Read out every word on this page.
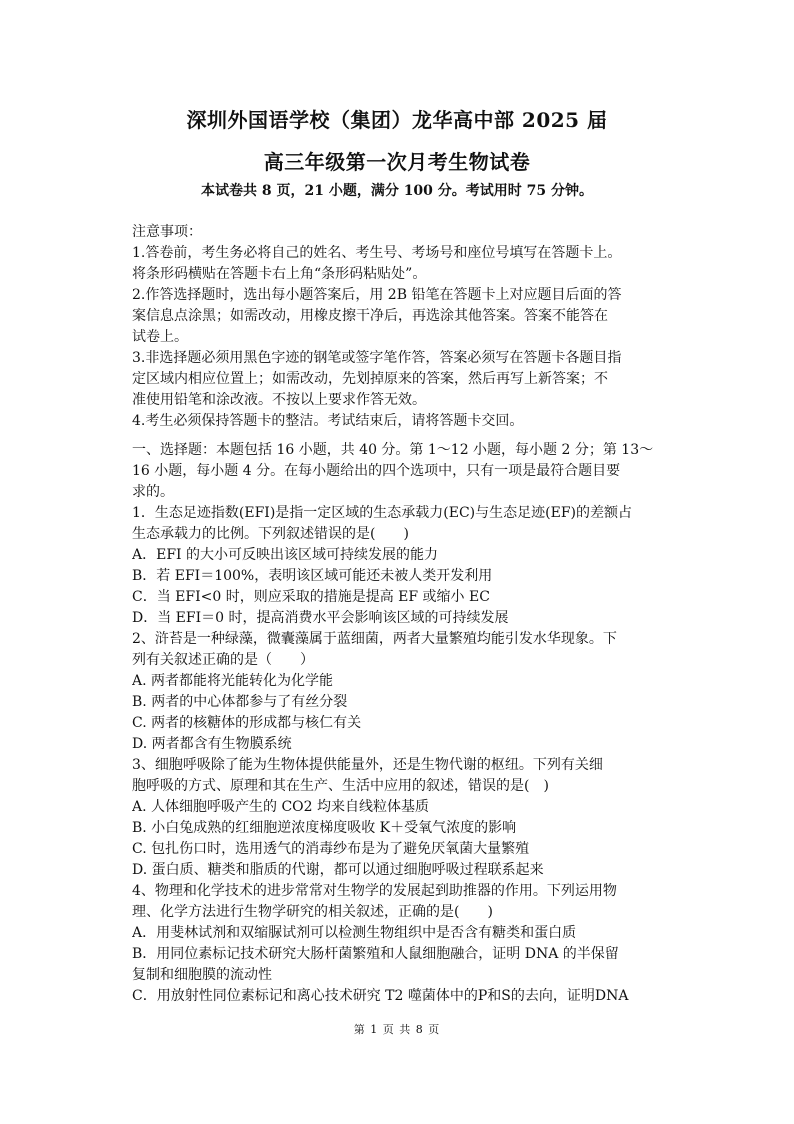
深圳外国语学校（集团）龙华高中部 2025 届
高三年级第一次月考生物试卷
本试卷共 8 页，21 小题，满分 100 分。考试用时 75 分钟。
注意事项：
1.答卷前，考生务必将自己的姓名、考生号、考场号和座位号填写在答题卡上。
将条形码横贴在答题卡右上角“条形码粘贴处”。
2.作答选择题时，选出每小题答案后，用 2B 铅笔在答题卡上对应题目后面的答
案信息点涂黑；如需改动，用橡皮擦干净后，再选涂其他答案。答案不能答在
试卷上。
3.非选择题必须用黑色字迹的钢笔或签字笔作答，答案必须写在答题卡各题目指
定区域内相应位置上；如需改动，先划掉原来的答案，然后再写上新答案；不
准使用铅笔和涂改液。不按以上要求作答无效。
4.考生必须保持答题卡的整洁。考试结束后，请将答题卡交回。
一、选择题：本题包括 16 小题，共 40 分。第 1～12 小题，每小题 2 分；第 13～
16 小题，每小题 4 分。在每小题给出的四个选项中，只有一项是最符合题目要
求的。
1．生态足迹指数(EFI)是指一定区域的生态承载力(EC)与生态足迹(EF)的差额占
生态承载力的比例。下列叙述错误的是(　　)
A．EFI 的大小可反映出该区域可持续发展的能力
B．若 EFI＝100%，表明该区域可能还未被人类开发利用
C．当 EFI<0 时，则应采取的措施是提高 EF 或缩小 EC
D．当 EFI＝0 时，提高消费水平会影响该区域的可持续发展
2、浒苔是一种绿藻，微囊藻属于蓝细菌，两者大量繁殖均能引发水华现象。下
列有关叙述正确的是（　　）
A. 两者都能将光能转化为化学能
B. 两者的中心体都参与了有丝分裂
C. 两者的核糖体的形成都与核仁有关
D. 两者都含有生物膜系统
3、细胞呼吸除了能为生物体提供能量外，还是生物代谢的枢纽。下列有关细
胞呼吸的方式、原理和其在生产、生活中应用的叙述，错误的是(　)
A. 人体细胞呼吸产生的 CO2 均来自线粒体基质
B. 小白兔成熟的红细胞逆浓度梯度吸收 K＋受氧气浓度的影响
C. 包扎伤口时，选用透气的消毒纱布是为了避免厌氧菌大量繁殖
D. 蛋白质、糖类和脂质的代谢，都可以通过细胞呼吸过程联系起来
4、物理和化学技术的进步常常对生物学的发展起到助推器的作用。下列运用物
理、化学方法进行生物学研究的相关叙述，正确的是(　　)
A．用斐林试剂和双缩脲试剂可以检测生物组织中是否含有糖类和蛋白质
B．用同位素标记技术研究大肠杆菌繁殖和人鼠细胞融合，证明 DNA 的半保留
复制和细胞膜的流动性
C．用放射性同位素标记和离心技术研究 T2 噬菌体中的P和S的去向，证明DNA
第 1 页 共 8 页
